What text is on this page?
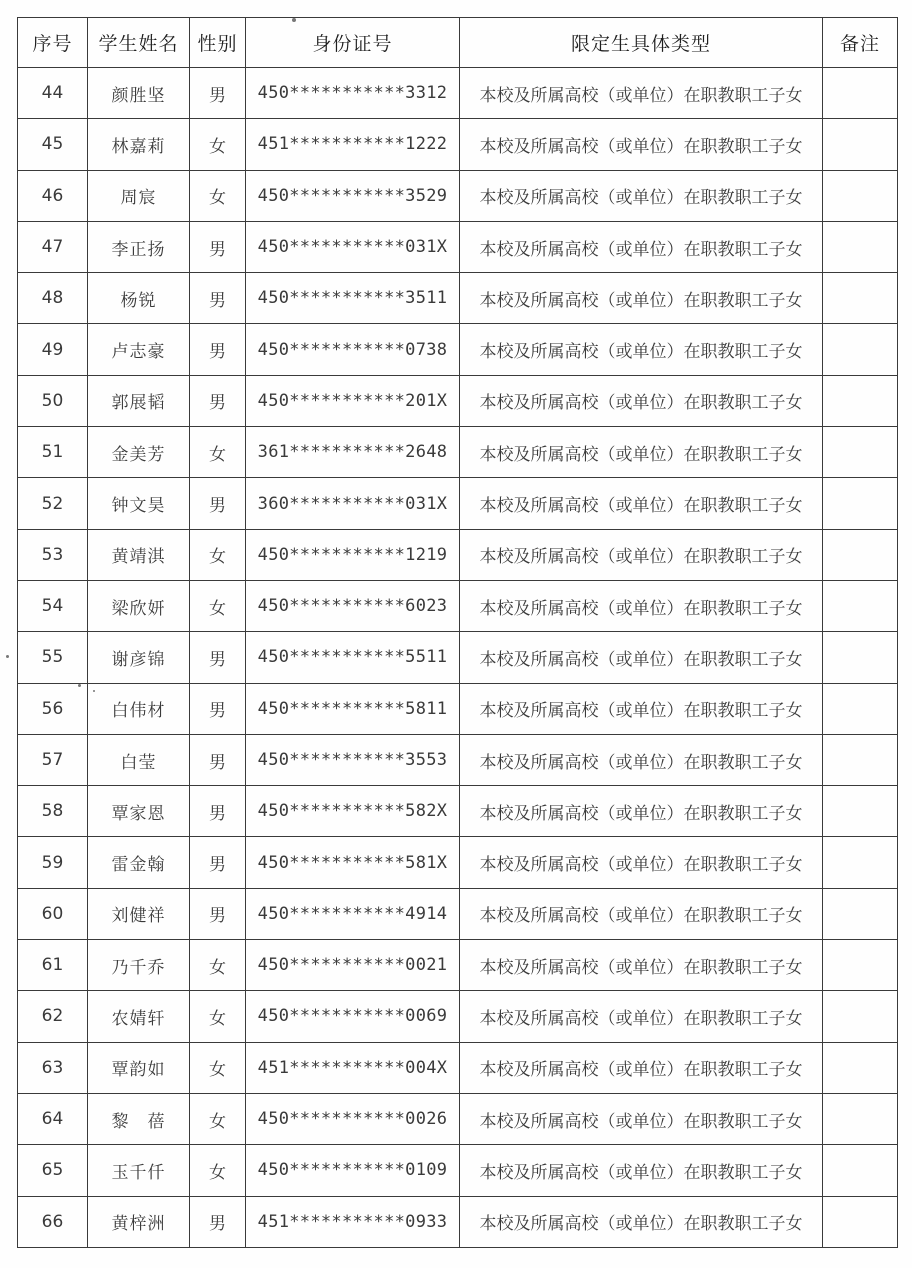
序号	学生姓名	性别	身份证号	限定生具体类型	备注
44	颜胜坚	男	450***********3312	本校及所属高校（或单位）在职教职工子女	
45	林嘉莉	女	451***********1222	本校及所属高校（或单位）在职教职工子女	
46	周宸	女	450***********3529	本校及所属高校（或单位）在职教职工子女	
47	李正扬	男	450***********031X	本校及所属高校（或单位）在职教职工子女	
48	杨锐	男	450***********3511	本校及所属高校（或单位）在职教职工子女	
49	卢志豪	男	450***********0738	本校及所属高校（或单位）在职教职工子女	
50	郭展韬	男	450***********201X	本校及所属高校（或单位）在职教职工子女	
51	金美芳	女	361***********2648	本校及所属高校（或单位）在职教职工子女	
52	钟文昊	男	360***********031X	本校及所属高校（或单位）在职教职工子女	
53	黄靖淇	女	450***********1219	本校及所属高校（或单位）在职教职工子女	
54	梁欣妍	女	450***********6023	本校及所属高校（或单位）在职教职工子女	
55	谢彦锦	男	450***********5511	本校及所属高校（或单位）在职教职工子女	
56	白伟材	男	450***********5811	本校及所属高校（或单位）在职教职工子女	
57	白莹	男	450***********3553	本校及所属高校（或单位）在职教职工子女	
58	覃家恩	男	450***********582X	本校及所属高校（或单位）在职教职工子女	
59	雷金翰	男	450***********581X	本校及所属高校（或单位）在职教职工子女	
60	刘健祥	男	450***********4914	本校及所属高校（或单位）在职教职工子女	
61	乃千乔	女	450***********0021	本校及所属高校（或单位）在职教职工子女	
62	农婧轩	女	450***********0069	本校及所属高校（或单位）在职教职工子女	
63	覃韵如	女	451***********004X	本校及所属高校（或单位）在职教职工子女	
64	黎　蓓	女	450***********0026	本校及所属高校（或单位）在职教职工子女	
65	玉千仟	女	450***********0109	本校及所属高校（或单位）在职教职工子女	
66	黄梓洲	男	451***********0933	本校及所属高校（或单位）在职教职工子女	
